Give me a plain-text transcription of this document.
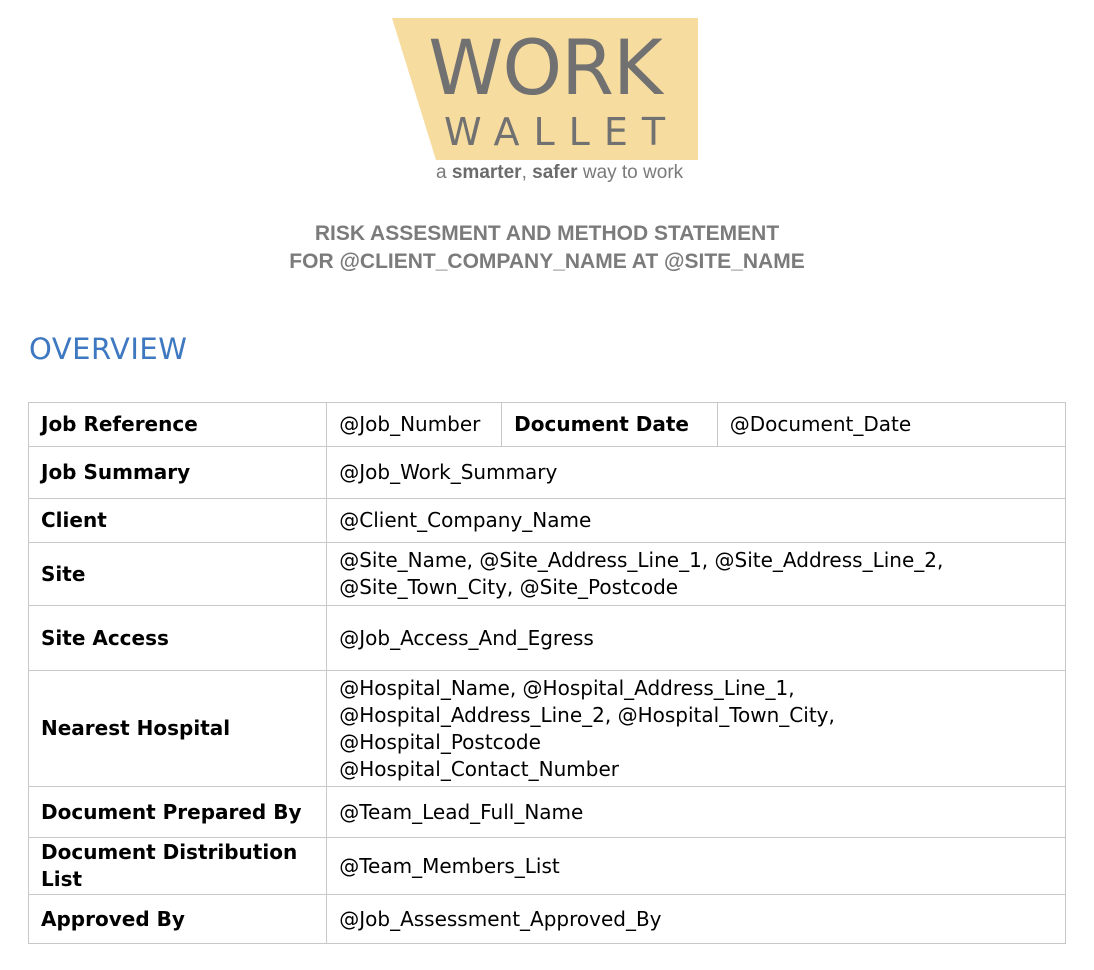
WORK
WALLET
a smarter, safer way to work
RISK ASSESMENT AND METHOD STATEMENT
FOR @CLIENT_COMPANY_NAME AT @SITE_NAME
OVERVIEW
Job Reference	@Job_Number	Document Date	@Document_Date
Job Summary	@Job_Work_Summary		
Client	@Client_Company_Name		
Site	@Site_Name, @Site_Address_Line_1, @Site_Address_Line_2,
@Site_Town_City, @Site_Postcode		

Site Access	@Job_Access_And_Egress		
Nearest Hospital	@Hospital_Name, @Hospital_Address_Line_1,
@Hospital_Address_Line_2, @Hospital_Town_City,
@Hospital_Postcode
@Hospital_Contact_Number		

Document Prepared By	@Team_Lead_Full_Name		

Document Distribution
List	@Team_Members_List		
Approved By	@Job_Assessment_Approved_By		
